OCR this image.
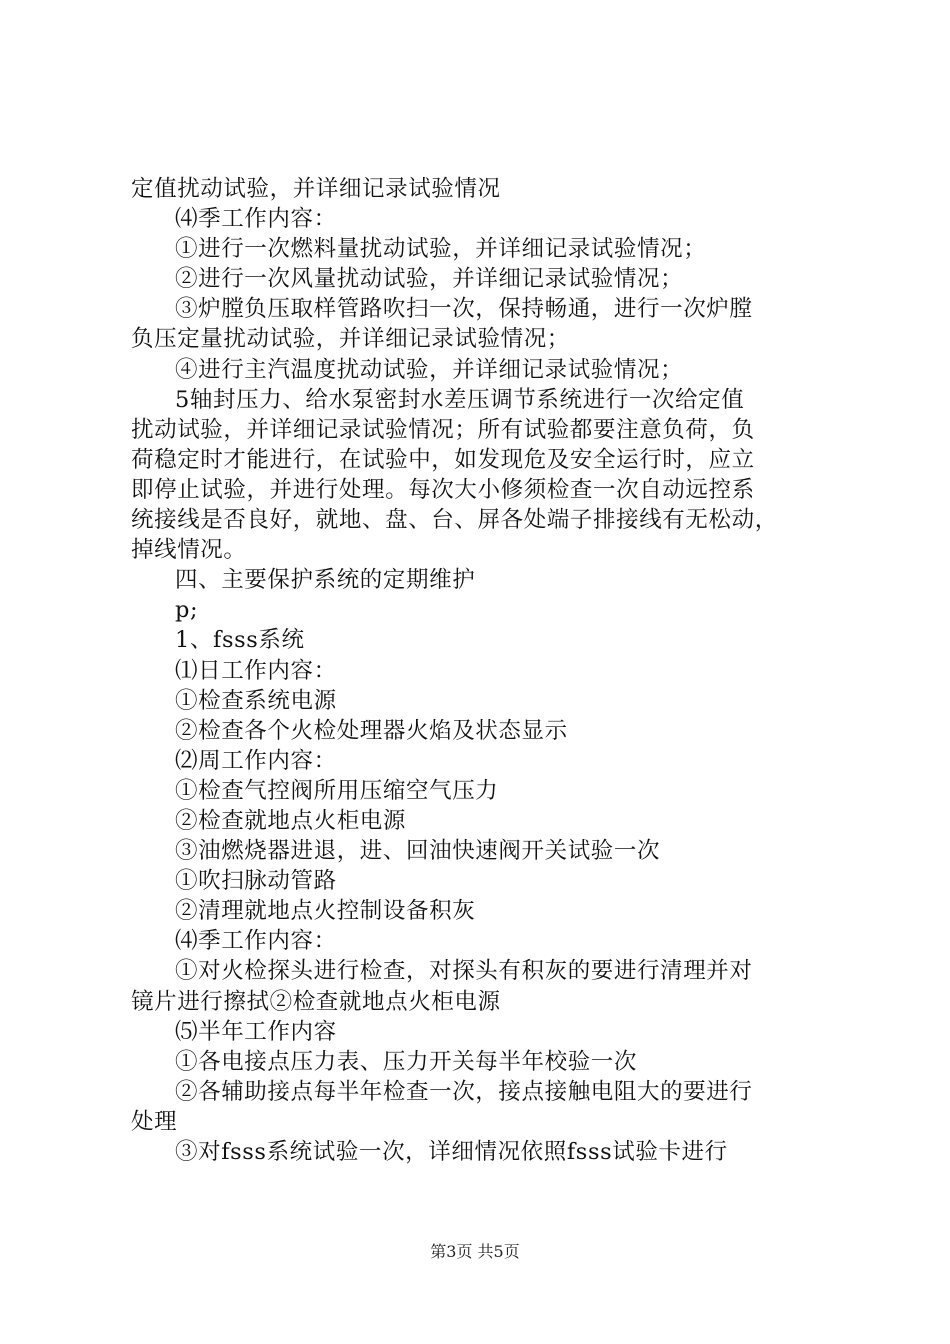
定值扰动试验，并详细记录试验情况
⑷季工作内容：
①进行一次燃料量扰动试验，并详细记录试验情况；
②进行一次风量扰动试验，并详细记录试验情况；
③炉膛负压取样管路吹扫一次，保持畅通，进行一次炉膛
负压定量扰动试验，并详细记录试验情况；
④进行主汽温度扰动试验，并详细记录试验情况；
5轴封压力、给水泵密封水差压调节系统进行一次给定值
扰动试验，并详细记录试验情况；所有试验都要注意负荷，负
荷稳定时才能进行，在试验中，如发现危及安全运行时，应立
即停止试验，并进行处理。每次大小修须检查一次自动远控系
统接线是否良好，就地、盘、台、屏各处端子排接线有无松动，
掉线情况。
四、主要保护系统的定期维护
p;
1、fsss系统
⑴日工作内容：
①检查系统电源
②检查各个火检处理器火焰及状态显示
⑵周工作内容：
①检查气控阀所用压缩空气压力
②检查就地点火柜电源
③油燃烧器进退，进、回油快速阀开关试验一次
①吹扫脉动管路
②清理就地点火控制设备积灰
⑷季工作内容：
①对火检探头进行检查，对探头有积灰的要进行清理并对
镜片进行擦拭②检查就地点火柜电源
⑸半年工作内容
①各电接点压力表、压力开关每半年校验一次
②各辅助接点每半年检查一次，接点接触电阻大的要进行
处理
③对fsss系统试验一次，详细情况依照fsss试验卡进行
第3页 共5页
